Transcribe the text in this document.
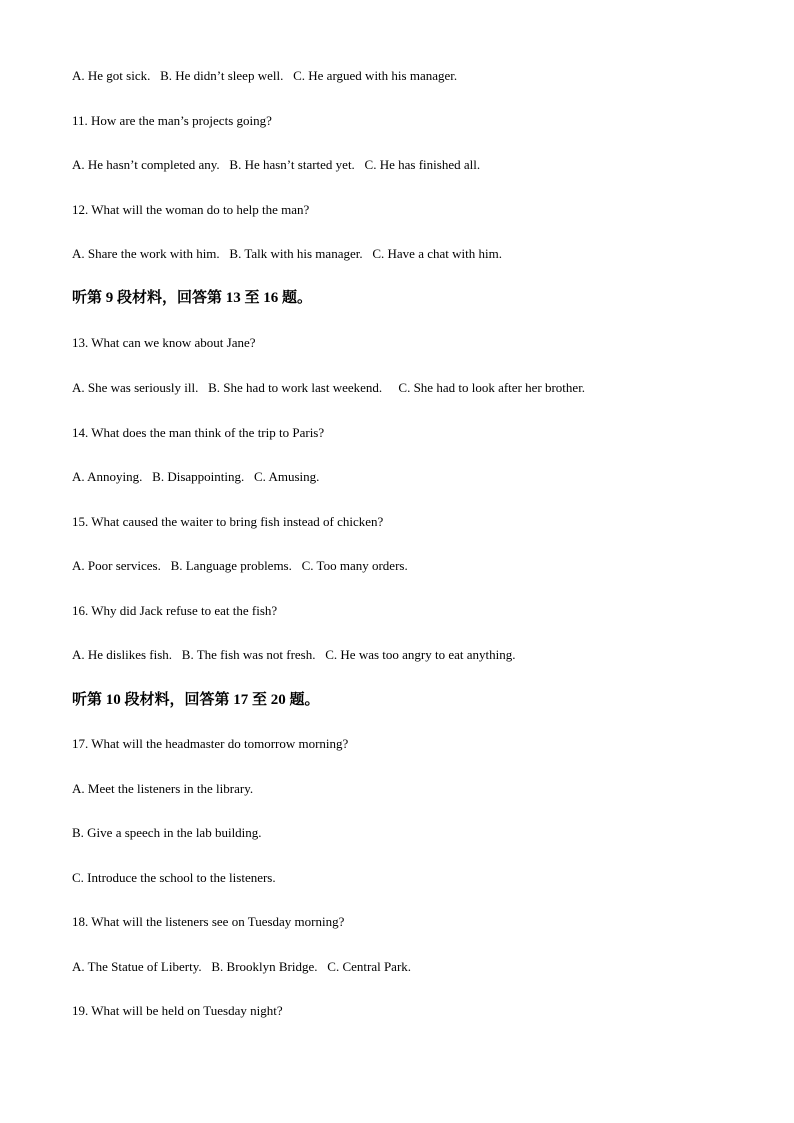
A. He got sick.   B. He didn’t sleep well.   C. He argued with his manager.
11. How are the man’s projects going?
A. He hasn’t completed any.   B. He hasn’t started yet.   C. He has finished all.
12. What will the woman do to help the man?
A. Share the work with him.   B. Talk with his manager.   C. Have a chat with him.
听第 9 段材料，回答第 13 至 16 题。
13. What can we know about Jane?
A. She was seriously ill.   B. She had to work last weekend.     C. She had to look after her brother.
14. What does the man think of the trip to Paris?
A. Annoying.   B. Disappointing.   C. Amusing.
15. What caused the waiter to bring fish instead of chicken?
A. Poor services.   B. Language problems.   C. Too many orders.
16. Why did Jack refuse to eat the fish?
A. He dislikes fish.   B. The fish was not fresh.   C. He was too angry to eat anything.
听第 10 段材料，回答第 17 至 20 题。
17. What will the headmaster do tomorrow morning?
A. Meet the listeners in the library.
B. Give a speech in the lab building.
C. Introduce the school to the listeners.
18. What will the listeners see on Tuesday morning?
A. The Statue of Liberty.   B. Brooklyn Bridge.   C. Central Park.
19. What will be held on Tuesday night?
